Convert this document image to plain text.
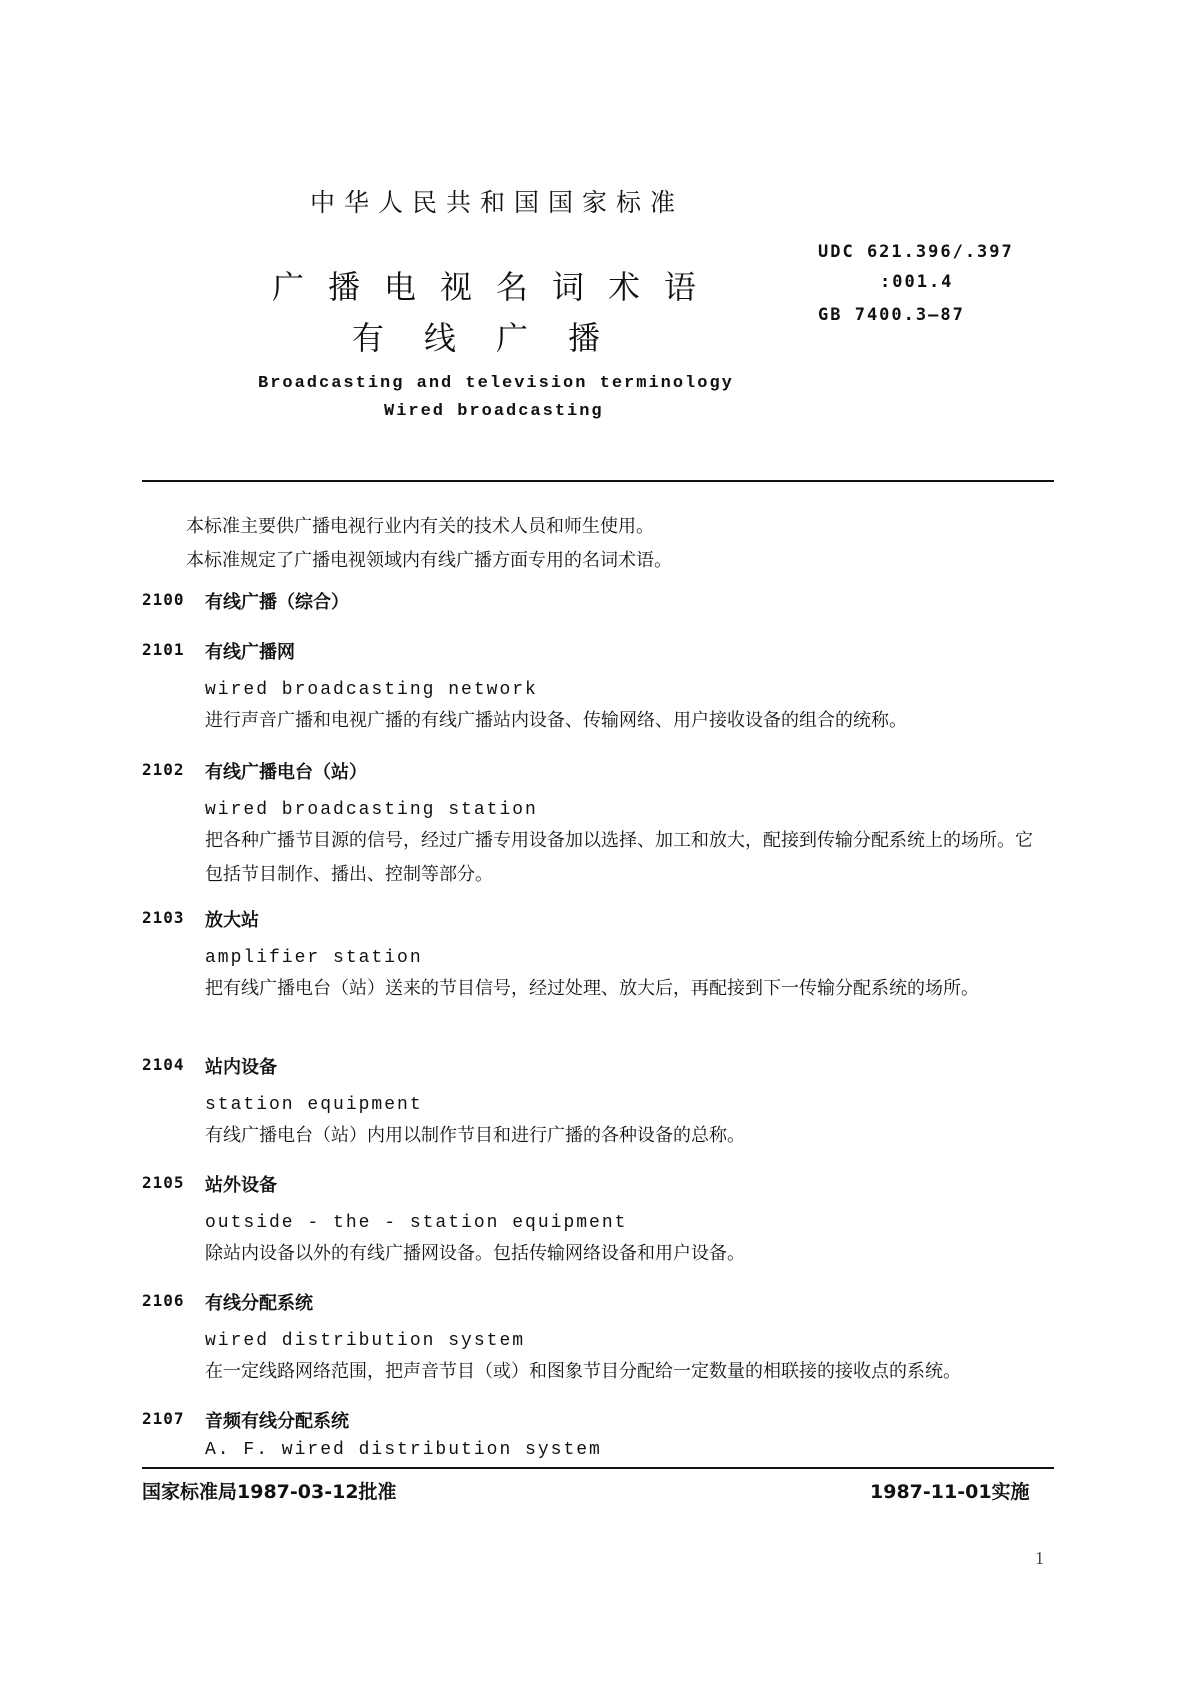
中华人民共和国国家标准
广播电视名词术语
有线广播
UDC 621.396/.397
:001.4
GB 7400.3—87
Broadcasting and television terminology
Wired broadcasting
本标准主要供广播电视行业内有关的技术人员和师生使用。
本标准规定了广播电视领域内有线广播方面专用的名词术语。
2100 有线广播（综合）
2101 有线广播网
wired broadcasting network
进行声音广播和电视广播的有线广播站内设备、传输网络、用户接收设备的组合的统称。
2102 有线广播电台（站）
wired broadcasting station
把各种广播节目源的信号，经过广播专用设备加以选择、加工和放大，配接到传输分配系统上的场所。它包括节目制作、播出、控制等部分。
2103 放大站
amplifier station
把有线广播电台（站）送来的节目信号，经过处理、放大后，再配接到下一传输分配系统的场所。
2104 站内设备
station equipment
有线广播电台（站）内用以制作节目和进行广播的各种设备的总称。
2105 站外设备
outside - the - station equipment
除站内设备以外的有线广播网设备。包括传输网络设备和用户设备。
2106 有线分配系统
wired distribution system
在一定线路网络范围，把声音节目（或）和图象节目分配给一定数量的相联接的接收点的系统。
2107 音频有线分配系统
A. F. wired distribution system
国家标准局1987-03-12批准	1987-11-01实施
1
